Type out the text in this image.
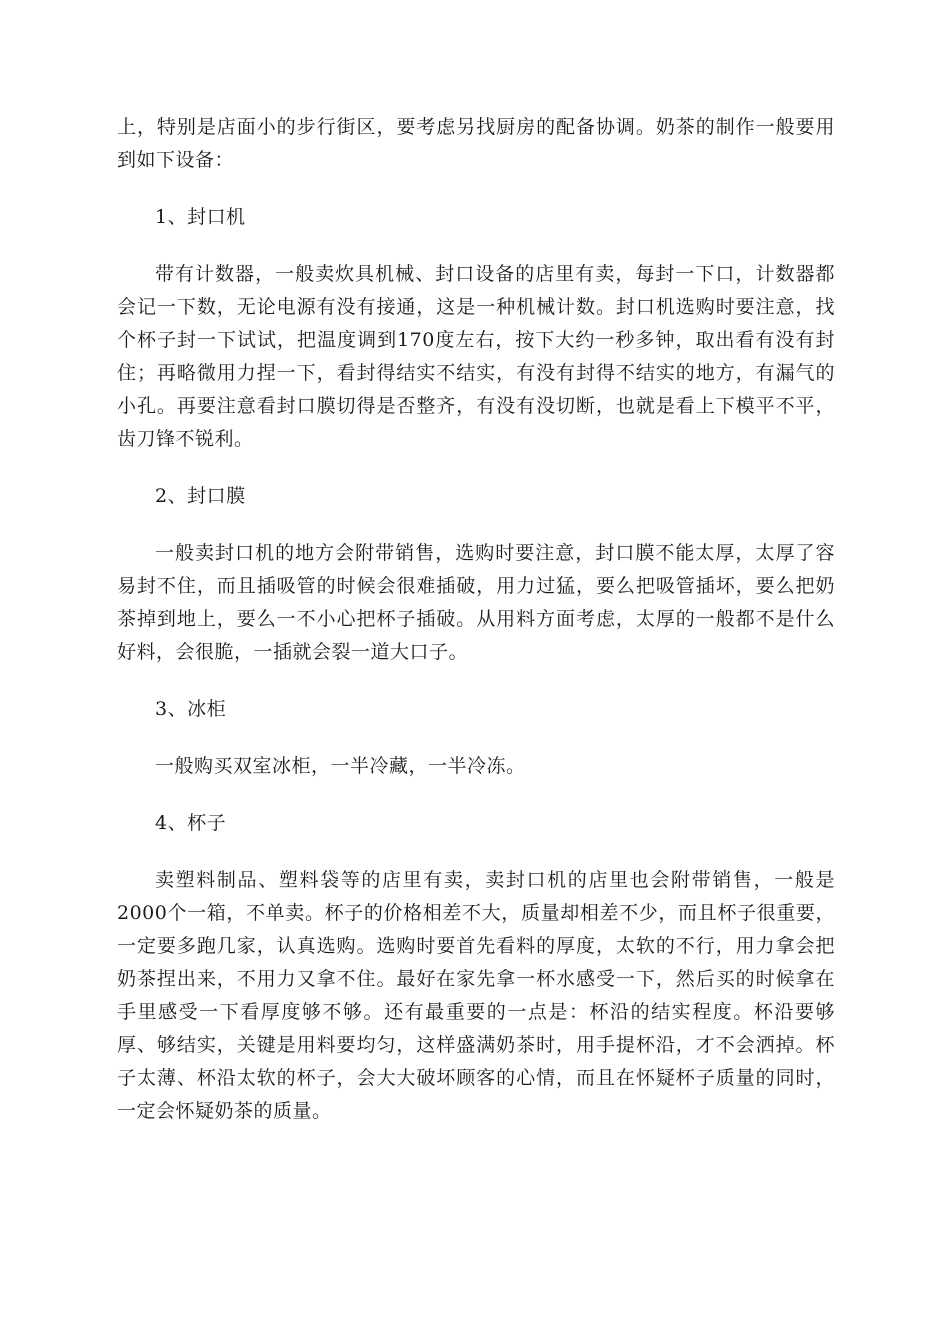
上，特别是店面小的步行街区，要考虑另找厨房的配备协调。奶茶的制作一般要用到如下设备：

1、封口机

带有计数器，一般卖炊具机械、封口设备的店里有卖，每封一下口，计数器都会记一下数，无论电源有没有接通，这是一种机械计数。封口机选购时要注意，找个杯子封一下试试，把温度调到170度左右，按下大约一秒多钟，取出看有没有封住；再略微用力捏一下，看封得结实不结实，有没有封得不结实的地方，有漏气的小孔。再要注意看封口膜切得是否整齐，有没有没切断，也就是看上下模平不平，齿刀锋不锐利。

2、封口膜

一般卖封口机的地方会附带销售，选购时要注意，封口膜不能太厚，太厚了容易封不住，而且插吸管的时候会很难插破，用力过猛，要么把吸管插坏，要么把奶茶掉到地上，要么一不小心把杯子插破。从用料方面考虑，太厚的一般都不是什么好料，会很脆，一插就会裂一道大口子。

3、冰柜

一般购买双室冰柜，一半冷藏，一半冷冻。

4、杯子

卖塑料制品、塑料袋等的店里有卖，卖封口机的店里也会附带销售，一般是2000个一箱，不单卖。杯子的价格相差不大，质量却相差不少，而且杯子很重要，一定要多跑几家，认真选购。选购时要首先看料的厚度，太软的不行，用力拿会把奶茶捏出来，不用力又拿不住。最好在家先拿一杯水感受一下，然后买的时候拿在手里感受一下看厚度够不够。还有最重要的一点是：杯沿的结实程度。杯沿要够厚、够结实，关键是用料要均匀，这样盛满奶茶时，用手提杯沿，才不会洒掉。杯子太薄、杯沿太软的杯子，会大大破坏顾客的心情，而且在怀疑杯子质量的同时，一定会怀疑奶茶的质量。
